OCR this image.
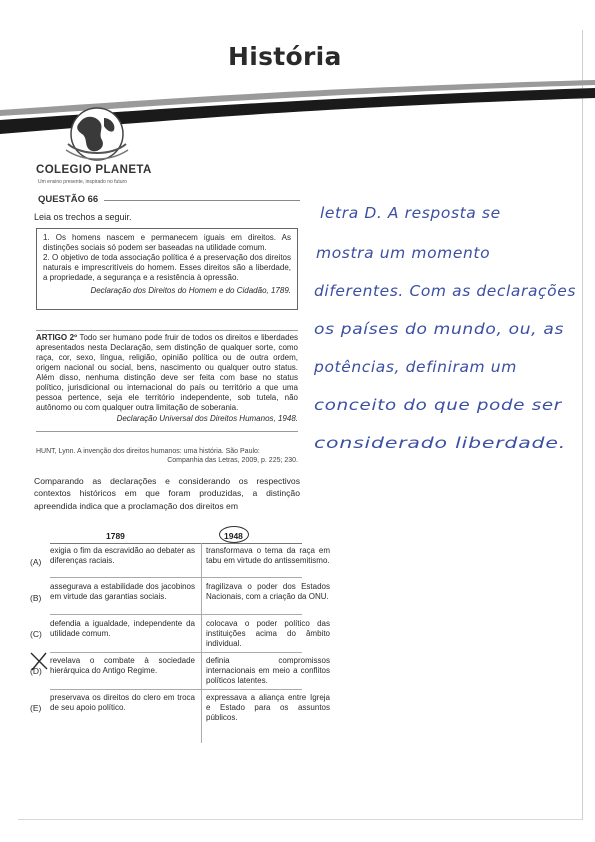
História
COLEGIO PLANETA
Um ensino presente, inspirado no futuro
QUESTÃO 66
Leia os trechos a seguir.

1. Os homens nascem e permanecem iguais em direitos. As distinções sociais só podem ser baseadas na utilidade comum.

2. O objetivo de toda associação política é a preservação dos direitos naturais e imprescritíveis do homem. Esses direitos são a liberdade, a propriedade, a segurança e a resistência à opressão.

Declaração dos Direitos do Homem e do Cidadão, 1789.

ARTIGO 2º Todo ser humano pode fruir de todos os direitos e liberdades apresentados nesta Declaração, sem distinção de qualquer sorte, como raça, cor, sexo, língua, religião, opinião política ou de outra ordem, origem nacional ou social, bens, nascimento ou qualquer outro status. Além disso, nenhuma distinção deve ser feita com base no status político, jurisdicional ou internacional do país ou território a que uma pessoa pertence, seja ele território independente, sob tutela, não autônomo ou com qualquer outra limitação de soberania.
Declaração Universal dos Direitos Humanos, 1948.
HUNT, Lynn. A invenção dos direitos humanos: uma história. São Paulo:
Companhia das Letras, 2009, p. 225; 230.
Comparando as declarações e considerando os respectivos contextos históricos em que foram produzidas, a distinção apreendida indica que a proclamação dos direitos em
1789	1948
(A)
exigia o fim da escravidão ao debater as diferenças raciais.
transformava o tema da raça em tabu em virtude do antissemitismo.
(B)
assegurava a estabilidade dos jacobinos em virtude das garantias sociais.
fragilizava o poder dos Estados Nacionais, com a criação da ONU.
(C)
defendia a igualdade, independente da utilidade comum.
colocava o poder político das instituições acima do âmbito individual.
(D)
revelava o combate à sociedade hierárquica do Antigo Regime.
definia compromissos internacionais em meio a conflitos políticos latentes.
(E)
preservava os direitos do clero em troca de seu apoio político.
expressava a aliança entre Igreja e Estado para os assuntos públicos.
letra D. A resposta se
mostra um momento
diferentes. Com as declarações
os países do mundo, ou, as
potências, definiram um
conceito do que pode ser
considerado liberdade.
